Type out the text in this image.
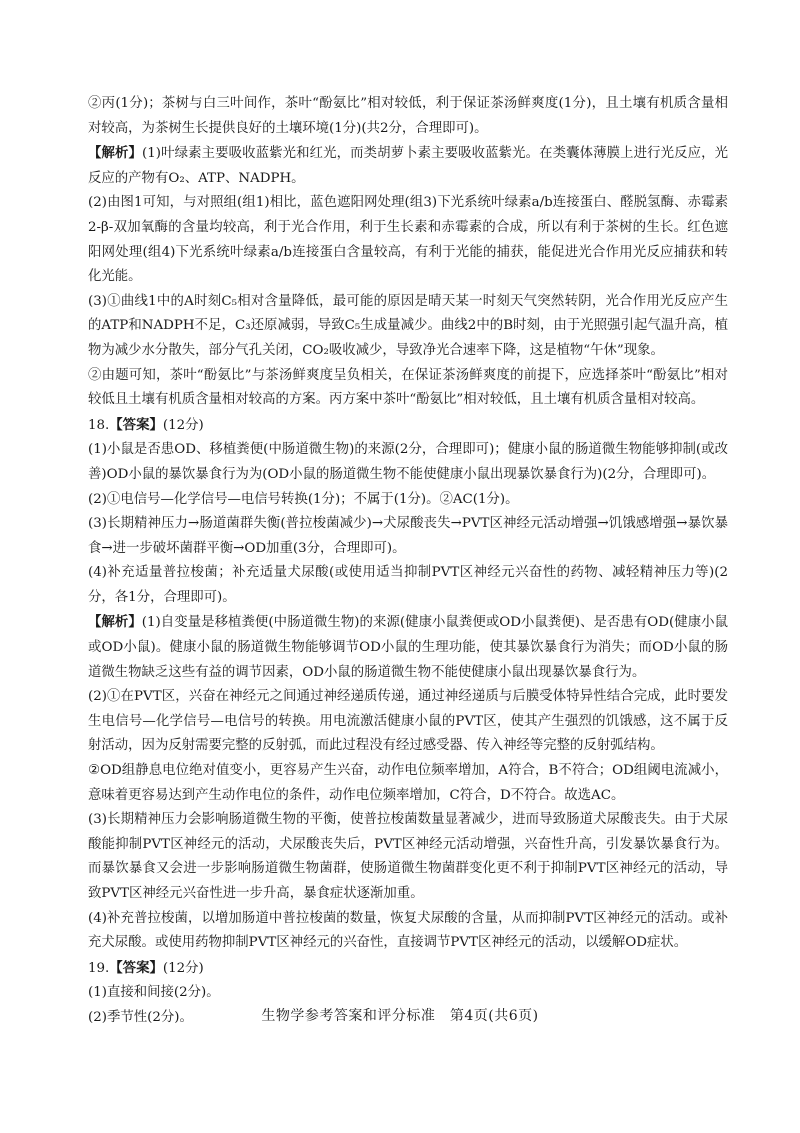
②丙(1分)；茶树与白三叶间作，茶叶“酚氨比”相对较低，利于保证茶汤鲜爽度(1分)，且土壤有机质含量相对较高，为茶树生长提供良好的土壤环境(1分)(共2分，合理即可)。

【解析】(1)叶绿素主要吸收蓝紫光和红光，而类胡萝卜素主要吸收蓝紫光。在类囊体薄膜上进行光反应，光反应的产物有O₂、ATP、NADPH。

(2)由图1可知，与对照组(组1)相比，蓝色遮阳网处理(组3)下光系统叶绿素a/b连接蛋白、醛脱氢酶、赤霉素2-β-双加氧酶的含量均较高，利于光合作用，利于生长素和赤霉素的合成，所以有利于茶树的生长。红色遮阳网处理(组4)下光系统叶绿素a/b连接蛋白含量较高，有利于光能的捕获，能促进光合作用光反应捕获和转化光能。

(3)①曲线1中的A时刻C₅相对含量降低，最可能的原因是晴天某一时刻天气突然转阴，光合作用光反应产生的ATP和NADPH不足，C₃还原减弱，导致C₅生成量减少。曲线2中的B时刻，由于光照强引起气温升高，植物为减少水分散失，部分气孔关闭，CO₂吸收减少，导致净光合速率下降，这是植物“午休”现象。

②由题可知，茶叶“酚氨比”与茶汤鲜爽度呈负相关，在保证茶汤鲜爽度的前提下，应选择茶叶“酚氨比”相对较低且土壤有机质含量相对较高的方案。丙方案中茶叶“酚氨比”相对较低，且土壤有机质含量相对较高。

18.【答案】(12分)

(1)小鼠是否患OD、移植粪便(中肠道微生物)的来源(2分，合理即可)；健康小鼠的肠道微生物能够抑制(或改善)OD小鼠的暴饮暴食行为为(OD小鼠的肠道微生物不能使健康小鼠出现暴饮暴食行为)(2分，合理即可)。

(2)①电信号—化学信号—电信号转换(1分)；不属于(1分)。②AC(1分)。

(3)长期精神压力→肠道菌群失衡(普拉梭菌减少)→犬尿酸丧失→PVT区神经元活动增强→饥饿感增强→暴饮暴食→进一步破坏菌群平衡→OD加重(3分，合理即可)。

(4)补充适量普拉梭菌；补充适量犬尿酸(或使用适当抑制PVT区神经元兴奋性的药物、减轻精神压力等)(2分，各1分，合理即可)。

【解析】(1)自变量是移植粪便(中肠道微生物)的来源(健康小鼠粪便或OD小鼠粪便)、是否患有OD(健康小鼠或OD小鼠)。健康小鼠的肠道微生物能够调节OD小鼠的生理功能，使其暴饮暴食行为消失；而OD小鼠的肠道微生物缺乏这些有益的调节因素，OD小鼠的肠道微生物不能使健康小鼠出现暴饮暴食行为。

(2)①在PVT区，兴奋在神经元之间通过神经递质传递，通过神经递质与后膜受体特异性结合完成，此时要发生电信号—化学信号—电信号的转换。用电流激活健康小鼠的PVT区，使其产生强烈的饥饿感，这不属于反射活动，因为反射需要完整的反射弧，而此过程没有经过感受器、传入神经等完整的反射弧结构。

②OD组静息电位绝对值变小，更容易产生兴奋，动作电位频率增加，A符合，B不符合；OD组阈电流减小，意味着更容易达到产生动作电位的条件，动作电位频率增加，C符合，D不符合。故选AC。

(3)长期精神压力会影响肠道微生物的平衡，使普拉梭菌数量显著减少，进而导致肠道犬尿酸丧失。由于犬尿酸能抑制PVT区神经元的活动，犬尿酸丧失后，PVT区神经元活动增强，兴奋性升高，引发暴饮暴食行为。而暴饮暴食又会进一步影响肠道微生物菌群，使肠道微生物菌群变化更不利于抑制PVT区神经元的活动，导致PVT区神经元兴奋性进一步升高，暴食症状逐渐加重。

(4)补充普拉梭菌，以增加肠道中普拉梭菌的数量，恢复犬尿酸的含量，从而抑制PVT区神经元的活动。或补充犬尿酸。或使用药物抑制PVT区神经元的兴奋性，直接调节PVT区神经元的活动，以缓解OD症状。

19.【答案】(12分)

(1)直接和间接(2分)。

(2)季节性(2分)。	生物学参考答案和评分标准　第4页(共6页)
